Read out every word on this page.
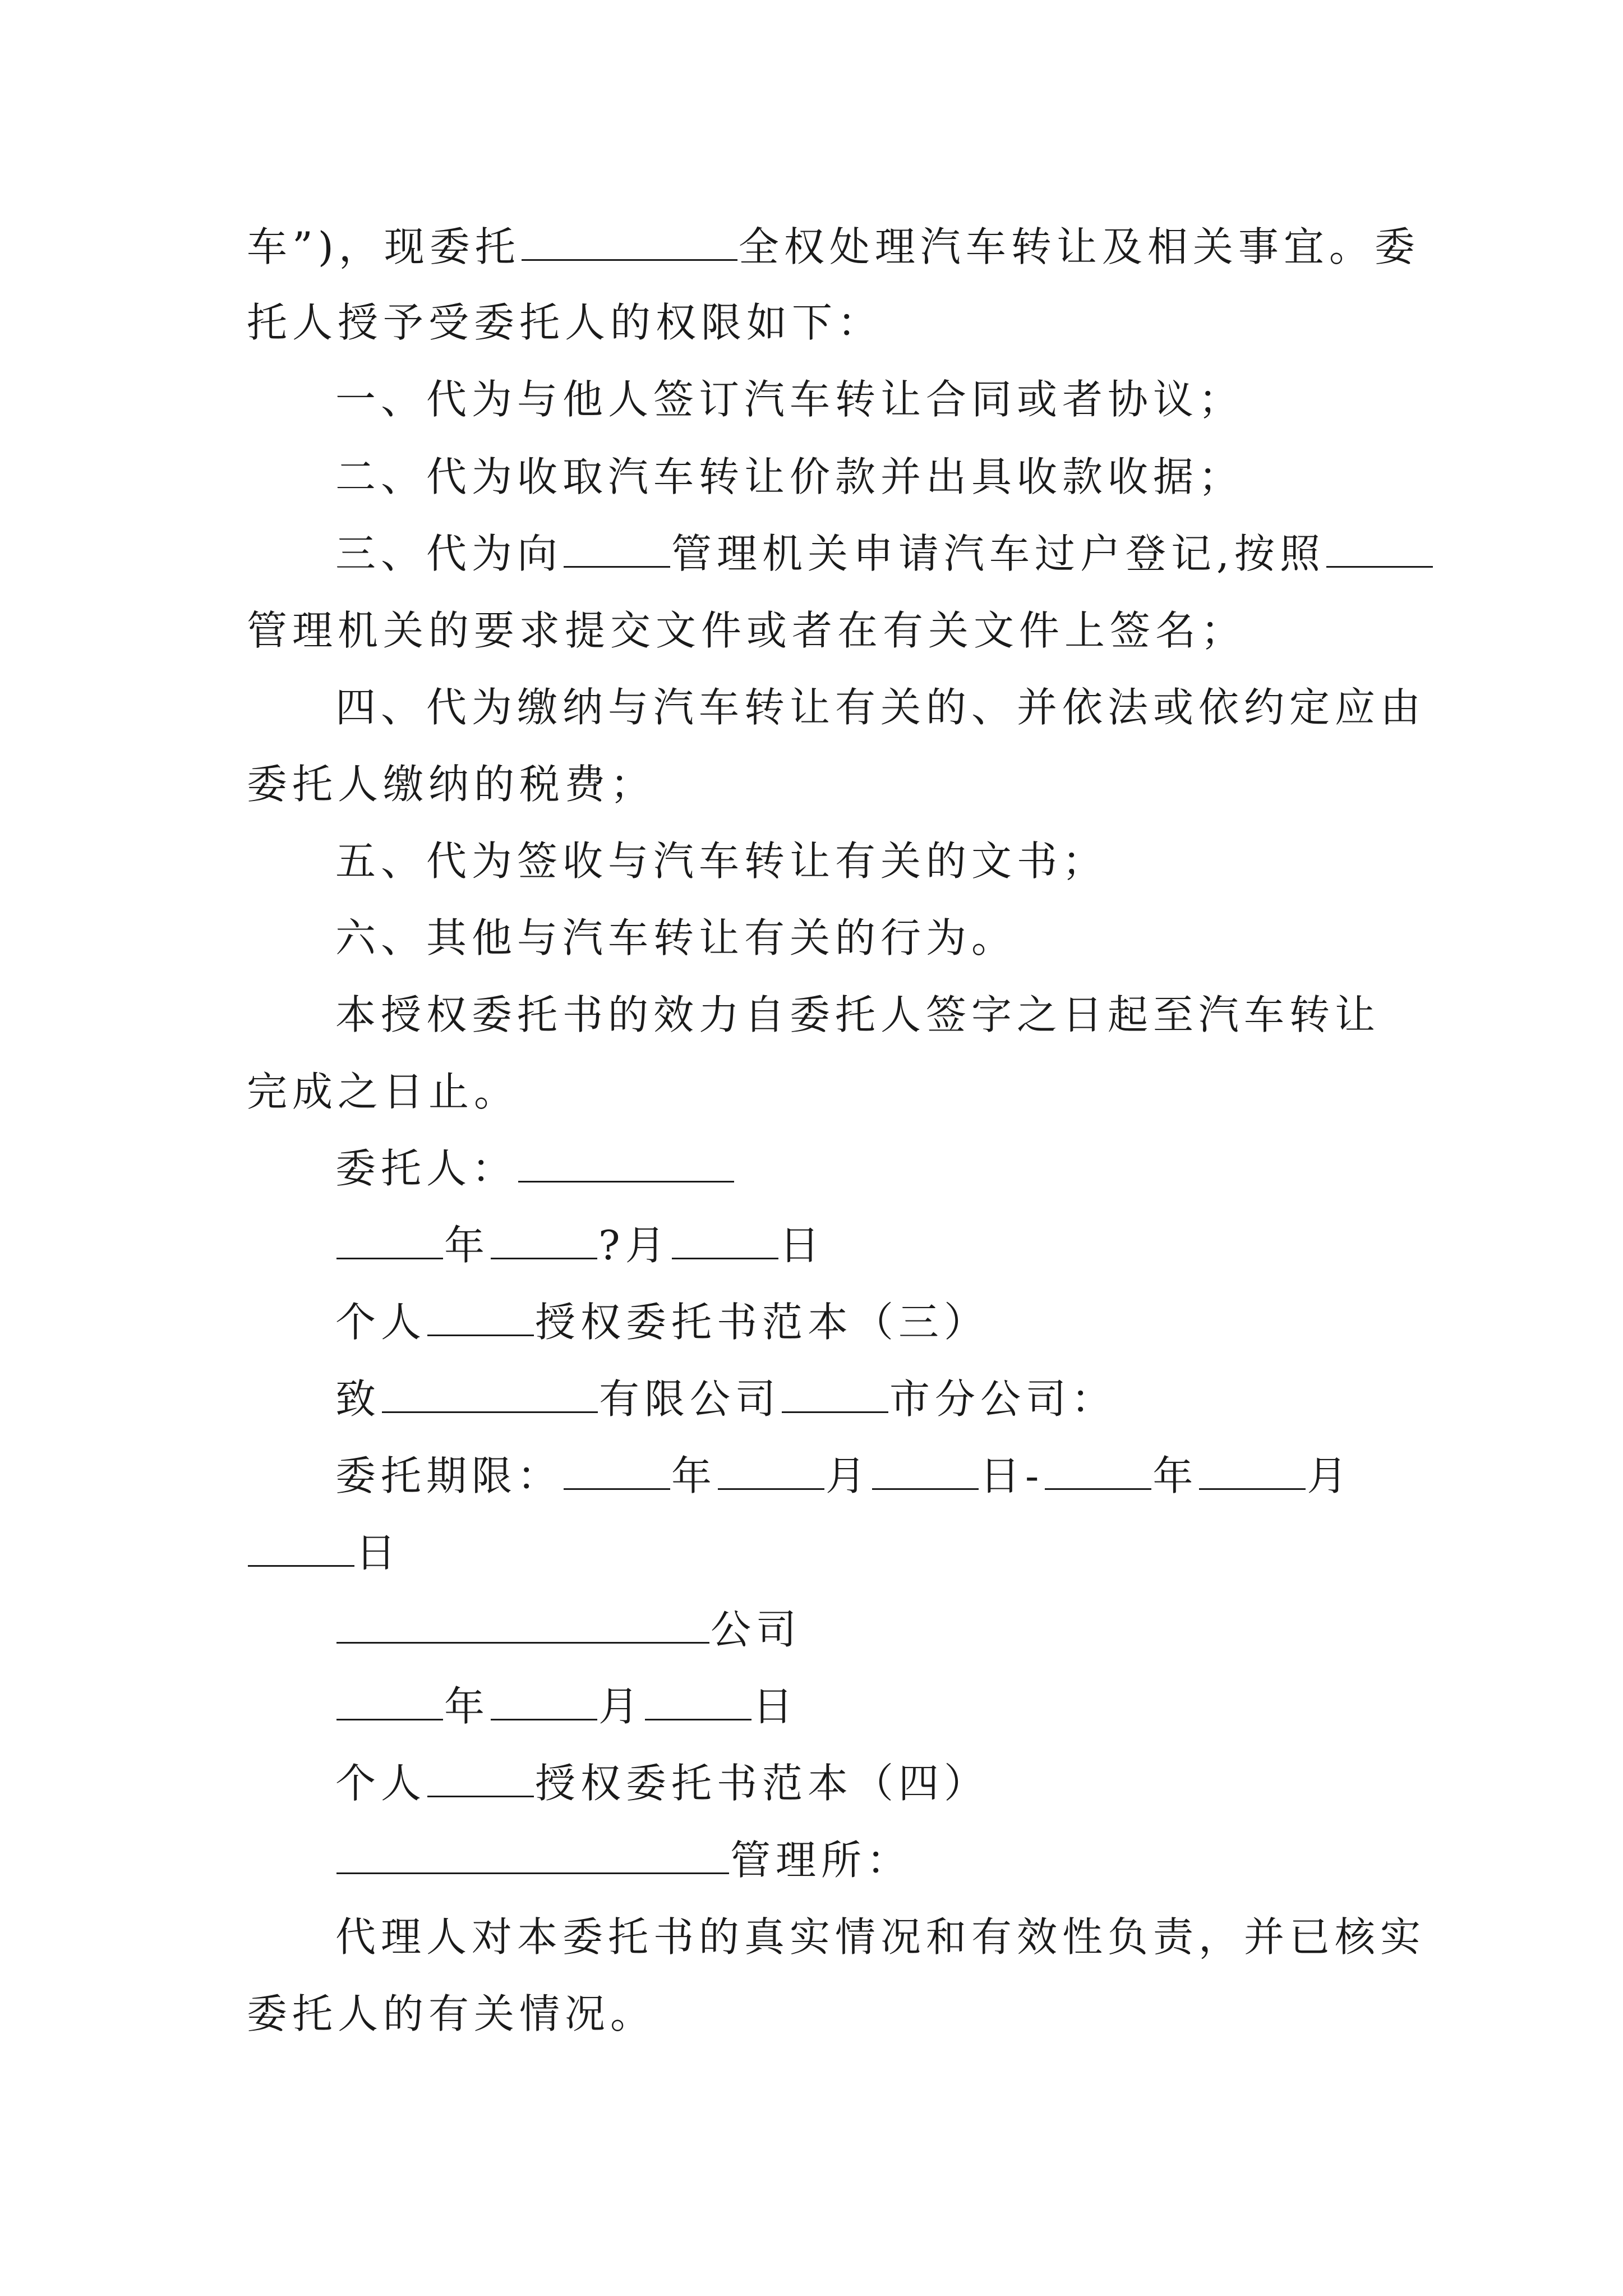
车”)，现委托	全权处理汽车转让及相关事宜。委
托人授予受委托人的权限如下：
一、代为与他人签订汽车转让合同或者协议；
二、代为收取汽车转让价款并出具收款收据；
三、代为向	管理机关申请汽车过户登记,按照
管理机关的要求提交文件或者在有关文件上签名；
四、代为缴纳与汽车转让有关的、并依法或依约定应由
委托人缴纳的税费；
五、代为签收与汽车转让有关的文书；
六、其他与汽车转让有关的行为。
本授权委托书的效力自委托人签字之日起至汽车转让
完成之日止。
委托人：
年	?月	日
个人	授权委托书范本（三）
致	有限公司	市分公司：
委托期限：	年	月	日-	年	月
日
公司
年	月	日
个人	授权委托书范本（四）
管理所：
代理人对本委托书的真实情况和有效性负责，并已核实
委托人的有关情况。
